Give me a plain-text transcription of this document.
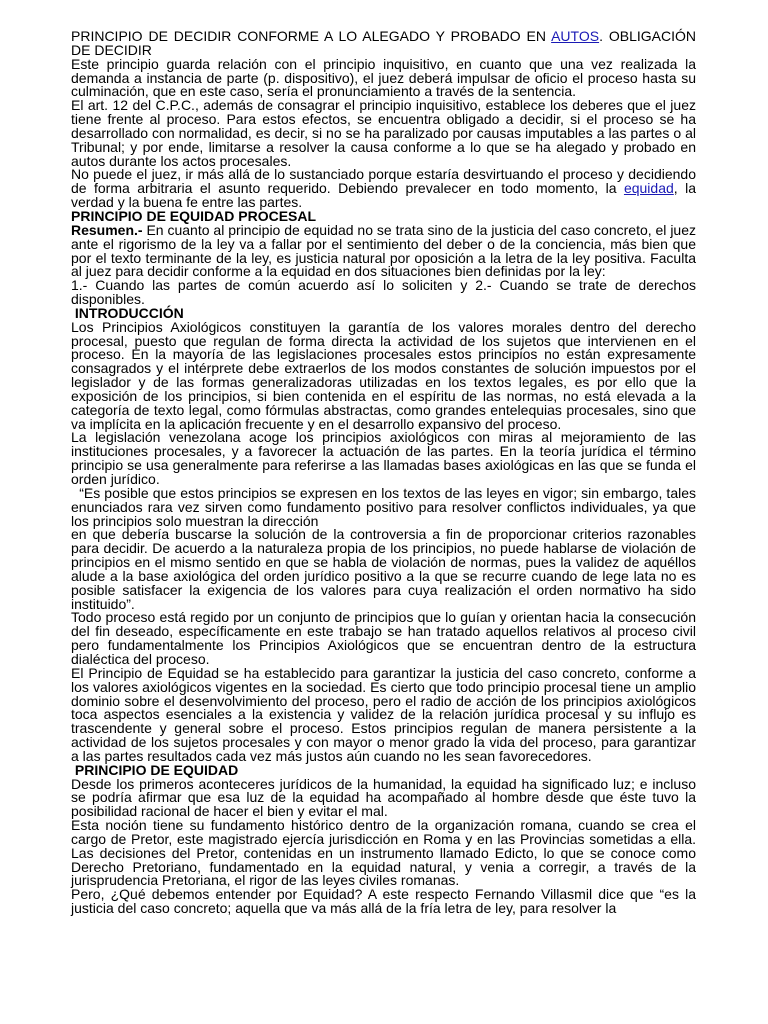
PRINCIPIO DE DECIDIR CONFORME A LO ALEGADO Y PROBADO EN AUTOS. OBLIGACIÓN DE DECIDIR

Este principio guarda relación con el principio inquisitivo, en cuanto que una vez realizada la demanda a instancia de parte (p. dispositivo), el juez deberá impulsar de oficio el proceso hasta su culminación, que en este caso, sería el pronunciamiento a través de la sentencia.

El art. 12 del C.P.C., además de consagrar el principio inquisitivo, establece los deberes que el juez tiene frente al proceso. Para estos efectos, se encuentra obligado a decidir, si el proceso se ha desarrollado con normalidad, es decir, si no se ha paralizado por causas imputables a las partes o al Tribunal; y por ende, limitarse a resolver la causa conforme a lo que se ha alegado y probado en autos durante los actos procesales.

No puede el juez, ir más allá de lo sustanciado porque estaría desvirtuando el proceso y decidiendo de forma arbitraria el asunto requerido. Debiendo prevalecer en todo momento, la equidad, la verdad y la buena fe entre las partes.

PRINCIPIO DE EQUIDAD PROCESAL

Resumen.- En cuanto al principio de equidad no se trata sino de la justicia del caso concreto, el juez ante el rigorismo de la ley va a fallar por el sentimiento del deber o de la conciencia, más bien que por el texto terminante de la ley, es justicia natural por oposición a la letra de la ley positiva. Faculta al juez para decidir conforme a la equidad en dos situaciones bien definidas por la ley:

1.- Cuando las partes de común acuerdo así lo soliciten y 2.- Cuando se trate de derechos disponibles.

INTRODUCCIÓN

Los Principios Axiológicos constituyen la garantía de los valores morales dentro del derecho procesal, puesto que regulan de forma directa la actividad de los sujetos que intervienen en el proceso. En la mayoría de las legislaciones procesales estos principios no están expresamente consagrados y el intérprete debe extraerlos de los modos constantes de solución impuestos por el legislador y de las formas generalizadoras utilizadas en los textos legales, es por ello que la exposición de los principios, si bien contenida en el espíritu de las normas, no está elevada a la categoría de texto legal, como fórmulas abstractas, como grandes entelequias procesales, sino que va implícita en la aplicación frecuente y en el desarrollo expansivo del proceso.

La legislación venezolana acoge los principios axiológicos con miras al mejoramiento de las instituciones procesales, y a favorecer la actuación de las partes. En la teoría jurídica el término principio se usa generalmente para referirse a las llamadas bases axiológicas en las que se funda el orden jurídico.

“Es posible que estos principios se expresen en los textos de las leyes en vigor; sin embargo, tales enunciados rara vez sirven como fundamento positivo para resolver conflictos individuales, ya que los principios solo muestran la dirección

en que debería buscarse la solución de la controversia a fin de proporcionar criterios razonables para decidir. De acuerdo a la naturaleza propia de los principios, no puede hablarse de violación de principios en el mismo sentido en que se habla de violación de normas, pues la validez de aquéllos alude a la base axiológica del orden jurídico positivo a la que se recurre cuando de lege lata no es posible satisfacer la exigencia de los valores para cuya realización el orden normativo ha sido instituido”.

Todo proceso está regido por un conjunto de principios que lo guían y orientan hacia la consecución del fin deseado, específicamente en este trabajo se han tratado aquellos relativos al proceso civil pero fundamentalmente los Principios Axiológicos que se encuentran dentro de la estructura dialéctica del proceso.

El Principio de Equidad se ha establecido para garantizar la justicia del caso concreto, conforme a los valores axiológicos vigentes en la sociedad. Es cierto que todo principio procesal tiene un amplio dominio sobre el desenvolvimiento del proceso, pero el radio de acción de los principios axiológicos toca aspectos esenciales a la existencia y validez de la relación jurídica procesal y su influjo es trascendente y general sobre el proceso. Estos principios regulan de manera persistente a la actividad de los sujetos procesales y con mayor o menor grado la vida del proceso, para garantizar a las partes resultados cada vez más justos aún cuando no les sean favorecedores.

PRINCIPIO DE EQUIDAD

Desde los primeros aconteceres jurídicos de la humanidad, la equidad ha significado luz; e incluso se podría afirmar que esa luz de la equidad ha acompañado al hombre desde que éste tuvo la posibilidad racional de hacer el bien y evitar el mal.

Esta noción tiene su fundamento histórico dentro de la organización romana, cuando se crea el cargo de Pretor, este magistrado ejercía jurisdicción en Roma y en las Provincias sometidas a ella. Las decisiones del Pretor, contenidas en un instrumento llamado Edicto, lo que se conoce como Derecho Pretoriano, fundamentado en la equidad natural, y venia a corregir, a través de la jurisprudencia Pretoriana, el rigor de las leyes civiles romanas.

Pero, ¿Qué debemos entender por Equidad? A este respecto Fernando Villasmil dice que “es la justicia del caso concreto; aquella que va más allá de la fría letra de ley, para resolver la
